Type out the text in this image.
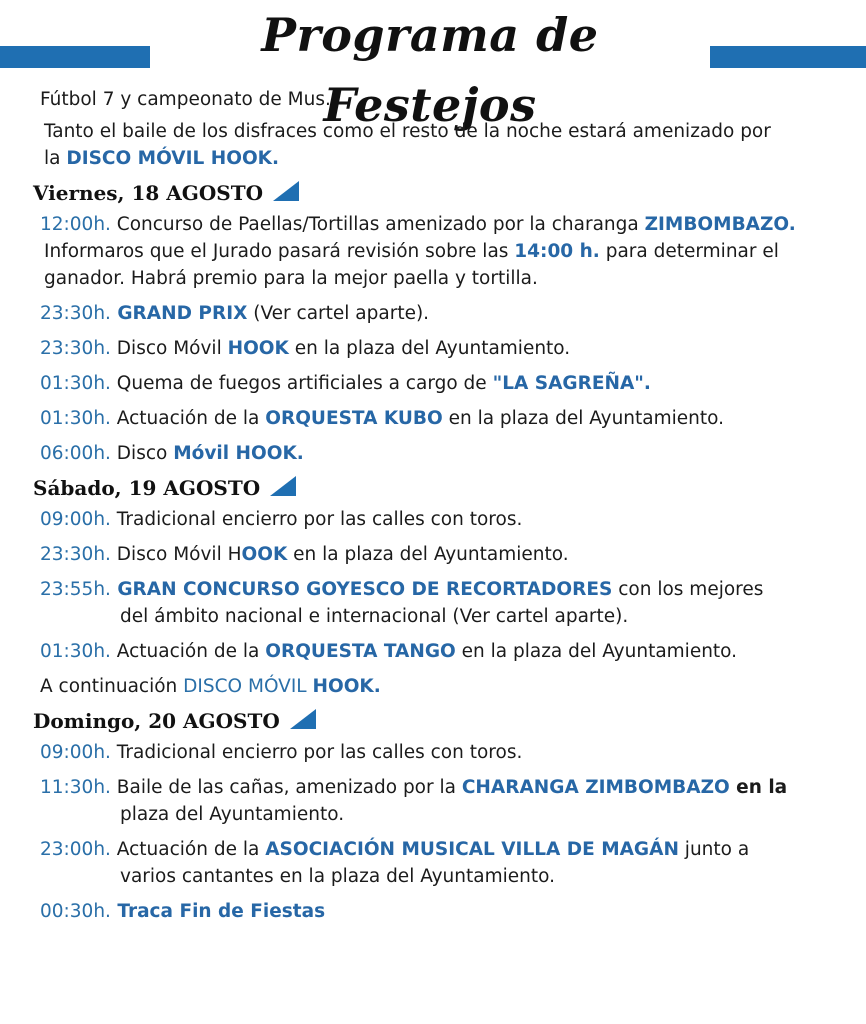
Programa de Festejos

Fútbol 7 y campeonato de Mus.

Tanto el baile de los disfraces como el resto de la noche estará amenizado por

la DISCO MÓVIL HOOK.

Viernes, 18 AGOSTO

12:00h. Concurso de Paellas/Tortillas amenizado por la charanga ZIMBOMBAZO.

Informaros que el Jurado pasará revisión sobre las 14:00 h. para determinar el

ganador. Habrá premio para la mejor paella y tortilla.

23:30h. GRAND PRIX (Ver cartel aparte).

23:30h. Disco Móvil HOOK en la plaza del Ayuntamiento.

01:30h. Quema de fuegos artificiales a cargo de "LA SAGREÑA".

01:30h. Actuación de la ORQUESTA KUBO en la plaza del Ayuntamiento.

06:00h. Disco Móvil HOOK.

Sábado, 19 AGOSTO

09:00h. Tradicional encierro por las calles con toros.

23:30h. Disco Móvil HOOK en la plaza del Ayuntamiento.

23:55h. GRAN CONCURSO GOYESCO DE RECORTADORES con los mejores

del ámbito nacional e internacional (Ver cartel aparte).

01:30h. Actuación de la ORQUESTA TANGO en la plaza del Ayuntamiento.

A continuación DISCO MÓVIL HOOK.

Domingo, 20 AGOSTO

09:00h. Tradicional encierro por las calles con toros.

11:30h. Baile de las cañas, amenizado por la CHARANGA ZIMBOMBAZO en la

plaza del Ayuntamiento.

23:00h. Actuación de la ASOCIACIÓN MUSICAL VILLA DE MAGÁN junto a

varios cantantes en la plaza del Ayuntamiento.

00:30h. Traca Fin de Fiestas
